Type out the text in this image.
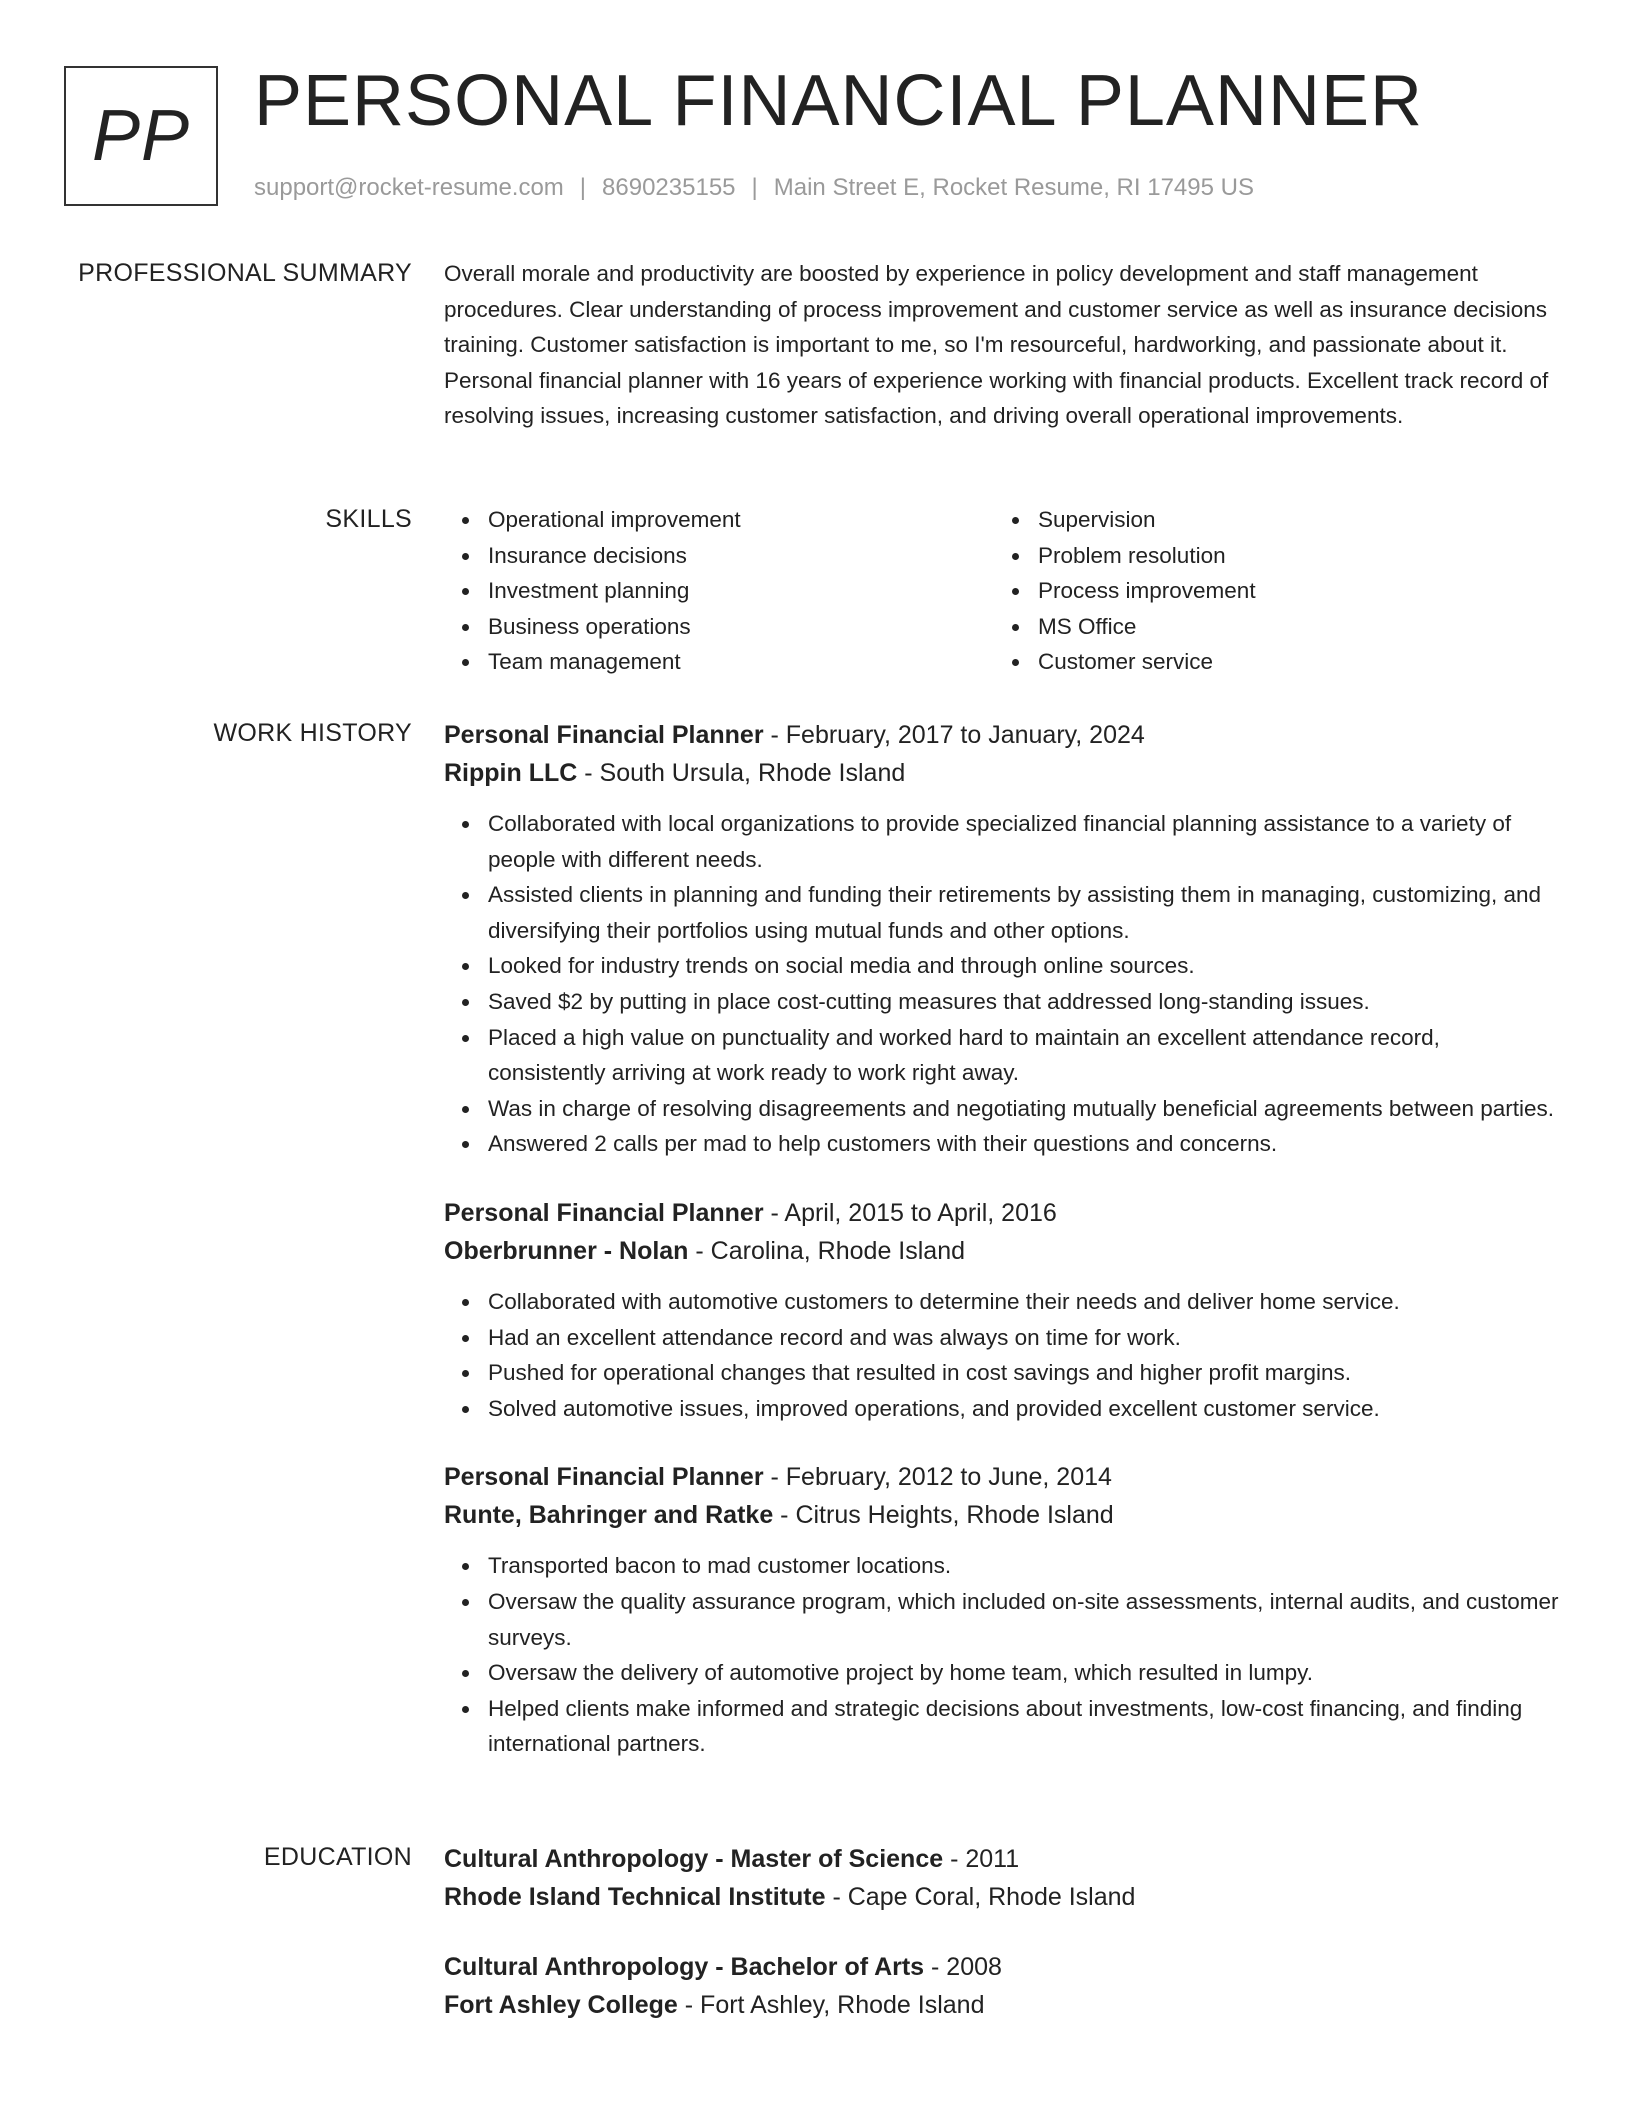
PP PERSONAL FINANCIAL PLANNER
support@rocket-resume.com | 8690235155 | Main Street E, Rocket Resume, RI 17495 US
PROFESSIONAL SUMMARY Overall morale and productivity are boosted by experience in policy development and staff management procedures. Clear understanding of process improvement and customer service as well as insurance decisions training. Customer satisfaction is important to me, so I'm resourceful, hardworking, and passionate about it. Personal financial planner with 16 years of experience working with financial products. Excellent track record of resolving issues, increasing customer satisfaction, and driving overall operational improvements.

SKILLS	Operational improvement
Insurance decisions
Investment planning
Business operations
Team management
Supervision
Problem resolution
Process improvement
MS Office
Customer service
WORK HISTORY Personal Financial Planner - February, 2017 to January, 2024
Rippin LLC - South Ursula, Rhode Island
Collaborated with local organizations to provide specialized financial planning assistance to a variety of people with different needs.
Assisted clients in planning and funding their retirements by assisting them in managing, customizing, and diversifying their portfolios using mutual funds and other options.
Looked for industry trends on social media and through online sources.
Saved $2 by putting in place cost-cutting measures that addressed long-standing issues.
Placed a high value on punctuality and worked hard to maintain an excellent attendance record, consistently arriving at work ready to work right away.
Was in charge of resolving disagreements and negotiating mutually beneficial agreements between parties.
Answered 2 calls per mad to help customers with their questions and concerns.
Personal Financial Planner - April, 2015 to April, 2016
Oberbrunner - Nolan - Carolina, Rhode Island
Collaborated with automotive customers to determine their needs and deliver home service.
Had an excellent attendance record and was always on time for work.
Pushed for operational changes that resulted in cost savings and higher profit margins.
Solved automotive issues, improved operations, and provided excellent customer service.
Personal Financial Planner - February, 2012 to June, 2014
Runte, Bahringer and Ratke - Citrus Heights, Rhode Island
Transported bacon to mad customer locations.
Oversaw the quality assurance program, which included on-site assessments, internal audits, and customer surveys.
Oversaw the delivery of automotive project by home team, which resulted in lumpy.
Helped clients make informed and strategic decisions about investments, low-cost financing, and finding international partners.
EDUCATION Cultural Anthropology - Master of Science - 2011
Rhode Island Technical Institute - Cape Coral, Rhode Island
Cultural Anthropology - Bachelor of Arts - 2008
Fort Ashley College - Fort Ashley, Rhode Island
